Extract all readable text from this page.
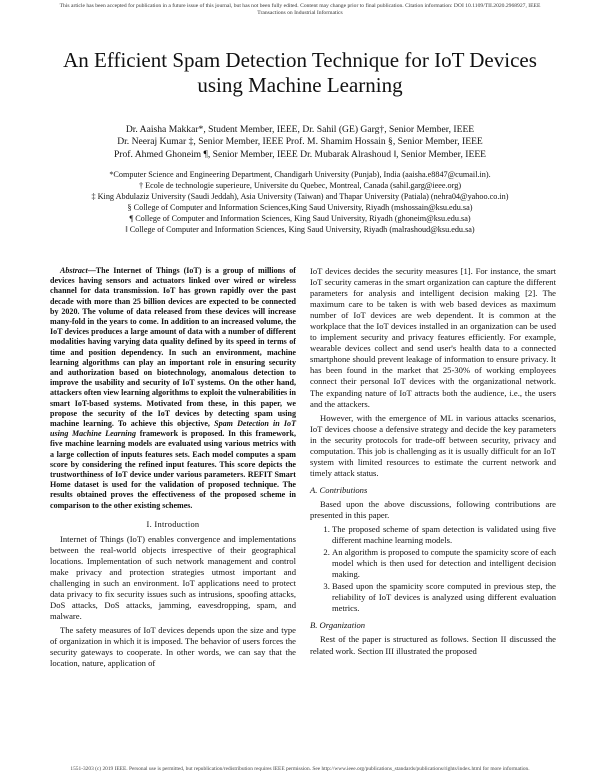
This article has been accepted for publication in a future issue of this journal, but has not been fully edited. Content may change prior to final publication. Citation information: DOI 10.1109/TII.2020.2968927, IEEE
Transactions on Industrial Informatics
An Efficient Spam Detection Technique for IoT Devices using Machine Learning
Dr. Aaisha Makkar*, Student Member, IEEE, Dr. Sahil (GE) Garg†, Senior Member, IEEE
Dr. Neeraj Kumar ‡, Senior Member, IEEE Prof. M. Shamim Hossain §, Senior Member, IEEE
Prof. Ahmed Ghoneim ¶, Senior Member, IEEE Dr. Mubarak Alrashoud ‖, Senior Member, IEEE
*Computer Science and Engineering Department, Chandigarh University (Punjab), India (aaisha.e8847@cumail.in).
† Ecole de technologie superieure, Universite du Quebec, Montreal, Canada (sahil.garg@ieee.org)
‡ King Abdulaziz University (Saudi Jeddah), Asia University (Taiwan) and Thapar University (Patiala) (nehra04@yahoo.co.in)
§ College of Computer and Information Sciences,King Saud University, Riyadh (mshossain@ksu.edu.sa)
¶ College of Computer and Information Sciences, King Saud University, Riyadh (ghoneim@ksu.edu.sa)
‖ College of Computer and Information Sciences, King Saud University, Riyadh (malrashoud@ksu.edu.sa)
Abstract—The Internet of Things (IoT) is a group of millions of devices having sensors and actuators linked over wired or wireless channel for data transmission. IoT has grown rapidly over the past decade with more than 25 billion devices are expected to be connected by 2020. The volume of data released from these devices will increase many-fold in the years to come. In addition to an increased volume, the IoT devices produces a large amount of data with a number of different modalities having varying data quality defined by its speed in terms of time and position dependency. In such an environment, machine learning algorithms can play an important role in ensuring security and authorization based on biotechnology, anomalous detection to improve the usability and security of IoT systems. On the other hand, attackers often view learning algorithms to exploit the vulnerabilities in smart IoT-based systems. Motivated from these, in this paper, we propose the security of the IoT devices by detecting spam using machine learning. To achieve this objective, Spam Detection in IoT using Machine Learning framework is proposed. In this framework, five machine learning models are evaluated using various metrics with a large collection of inputs features sets. Each model computes a spam score by considering the refined input features. This score depicts the trustworthiness of IoT device under various parameters. REFIT Smart Home dataset is used for the validation of proposed technique. The results obtained proves the effectiveness of the proposed scheme in comparison to the other existing schemes.
I. Introduction

Internet of Things (IoT) enables convergence and implementations between the real-world objects irrespective of their geographical locations. Implementation of such network management and control make privacy and protection strategies utmost important and challenging in such an environment. IoT applications need to protect data privacy to fix security issues such as intrusions, spoofing attacks, DoS attacks, DoS attacks, jamming, eavesdropping, spam, and malware.

The safety measures of IoT devices depends upon the size and type of organization in which it is imposed. The behavior of users forces the security gateways to cooperate. In other words, we can say that the location, nature, application of

IoT devices decides the security measures [1]. For instance, the smart IoT security cameras in the smart organization can capture the different parameters for analysis and intelligent decision making [2]. The maximum care to be taken is with web based devices as maximum number of IoT devices are web dependent. It is common at the workplace that the IoT devices installed in an organization can be used to implement security and privacy features efficiently. For example, wearable devices collect and send user's health data to a connected smartphone should prevent leakage of information to ensure privacy. It has been found in the market that 25-30% of working employees connect their personal IoT devices with the organizational network. The expanding nature of IoT attracts both the audience, i.e., the users and the attackers.

However, with the emergence of ML in various attacks scenarios, IoT devices choose a defensive strategy and decide the key parameters in the security protocols for trade-off between security, privacy and computation. This job is challenging as it is usually difficult for an IoT system with limited resources to estimate the current network and timely attack status.

A. Contributions

Based upon the above discussions, following contributions are presented in this paper.

1. The proposed scheme of spam detection is validated using five different machine learning models.
2. An algorithm is proposed to compute the spamicity score of each model which is then used for detection and intelligent decision making.
3. Based upon the spamicity score computed in previous step, the reliability of IoT devices is analyzed using different evaluation metrics.
B. Organization

Rest of the paper is structured as follows. Section II discussed the related work. Section III illustrated the proposed

1551-3203 (c) 2019 IEEE. Personal use is permitted, but republication/redistribution requires IEEE permission. See http://www.ieee.org/publications_standards/publications/rights/index.html for more information.
